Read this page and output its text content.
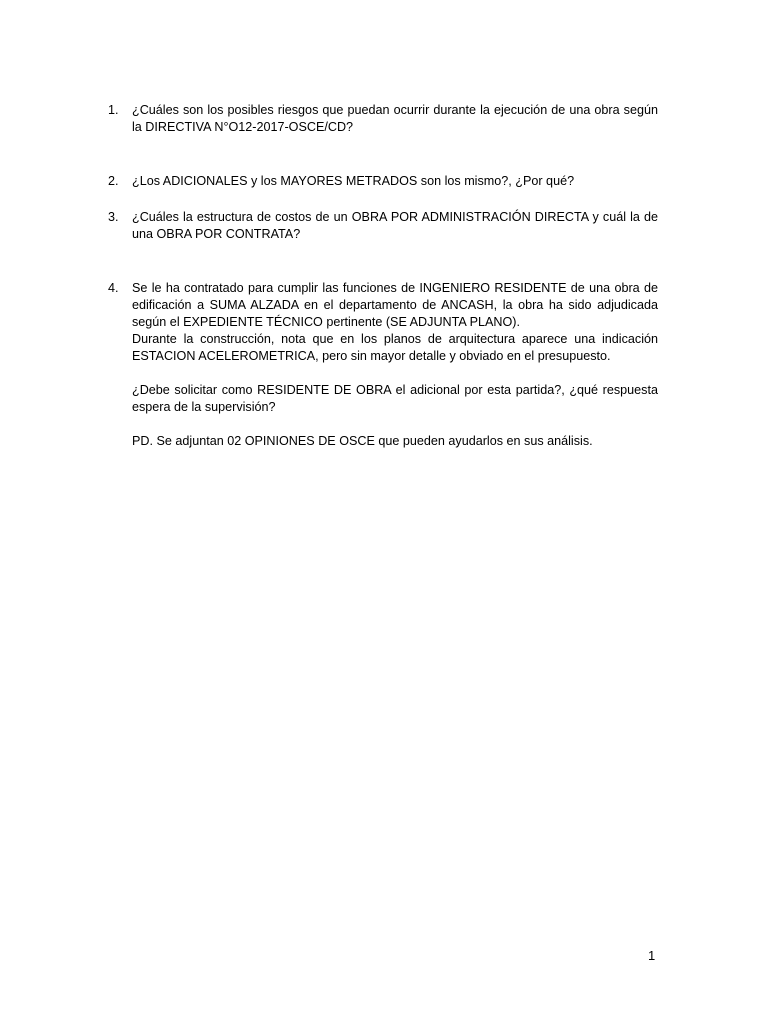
1.	¿Cuáles son los posibles riesgos que puedan ocurrir durante la ejecución de una obra según la DIRECTIVA N°O12-2017-OSCE/CD?

2.	¿Los ADICIONALES y los MAYORES METRADOS son los mismo?, ¿Por qué?

3.	¿Cuáles la estructura de costos de un OBRA POR ADMINISTRACIÓN DIRECTA y cuál la de una OBRA POR CONTRATA?

4.	Se le ha contratado para cumplir las funciones de INGENIERO RESIDENTE de una obra de edificación a SUMA ALZADA en el departamento de ANCASH, la obra ha sido adjudicada según el EXPEDIENTE TÉCNICO pertinente (SE ADJUNTA PLANO).

Durante la construcción, nota que en los planos de arquitectura aparece una indicación ESTACION ACELEROMETRICA, pero sin mayor detalle y obviado en el presupuesto.

¿Debe solicitar como RESIDENTE DE OBRA el adicional por esta partida?, ¿qué respuesta espera de la supervisión?

PD. Se adjuntan 02 OPINIONES DE OSCE que pueden ayudarlos en sus análisis.

1
